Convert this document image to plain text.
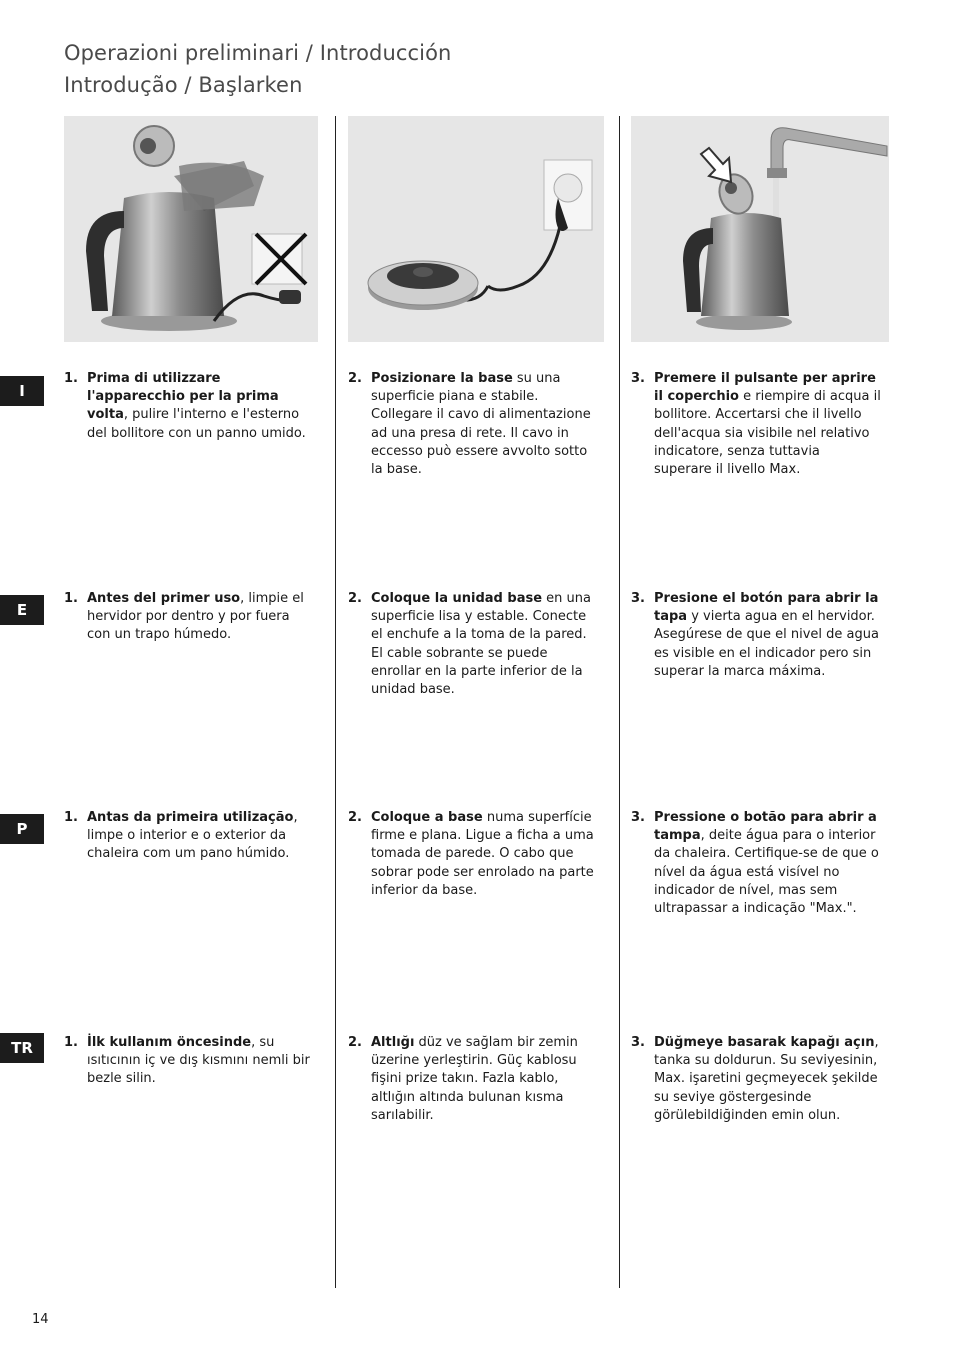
Operazioni preliminari / Introducción
Introdução / Başlarken
I
E
P
TR
1. Prima di utilizzare l'apparecchio per la prima volta, pulire l'interno e l'esterno del bollitore con un panno umido.
2. Posizionare la base su una superficie piana e stabile. Collegare il cavo di alimentazione ad una presa di rete. Il cavo in eccesso può essere avvolto sotto la base.
3. Premere il pulsante per aprire il coperchio e riempire di acqua il bollitore. Accertarsi che il livello dell'acqua sia visibile nel relativo indicatore, senza tuttavia superare il livello Max.
1. Antes del primer uso, limpie el hervidor por dentro y por fuera con un trapo húmedo.
2. Coloque la unidad base en una superficie lisa y estable. Conecte el enchufe a la toma de la pared. El cable sobrante se puede enrollar en la parte inferior de la unidad base.
3. Presione el botón para abrir la tapa y vierta agua en el hervidor. Asegúrese de que el nivel de agua es visible en el indicador pero sin superar la marca máxima.
1. Antas da primeira utilização, limpe o interior e o exterior da chaleira com um pano húmido.
2. Coloque a base numa superfície firme e plana. Ligue a ficha a uma tomada de parede. O cabo que sobrar pode ser enrolado na parte inferior da base.
3. Pressione o botão para abrir a tampa, deite água para o interior da chaleira. Certifique-se de que o nível da água está visível no indicador de nível, mas sem ultrapassar a indicação "Max.".
1. İlk kullanım öncesinde, su ısıtıcının iç ve dış kısmını nemli bir bezle silin.
2. Altlığı düz ve sağlam bir zemin üzerine yerleştirin. Güç kablosu fişini prize takın. Fazla kablo, altlığın altında bulunan kısma sarılabilir.
3. Düğmeye basarak kapağı açın, tanka su doldurun. Su seviyesinin, Max. işaretini geçmeyecek şekilde su seviye göstergesinde görülebildiğinden emin olun.
14
